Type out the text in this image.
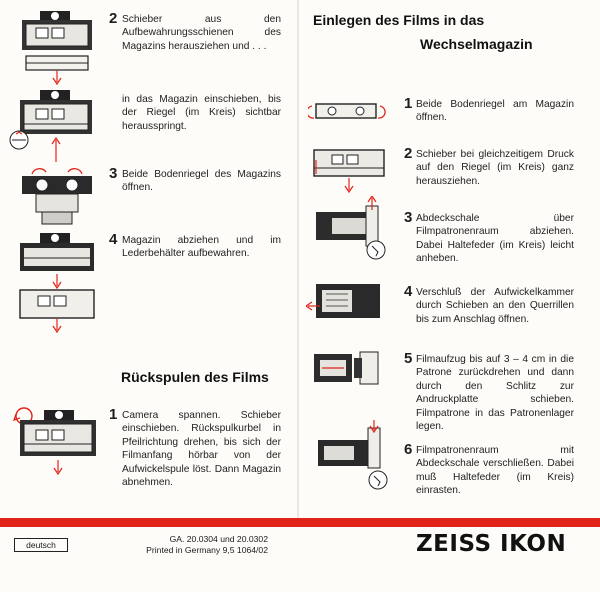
2 Schieber aus den Aufbewahrungsschienen des Magazins herausziehen und . . .
in das Magazin einschieben, bis der Riegel (im Kreis) sichtbar herausspringt.
3 Beide Bodenriegel des Magazins öffnen.
4 Magazin abziehen und im Lederbehälter aufbewahren.
Rückspulen des Films
1 Camera spannen. Schieber einschieben. Rückspulkurbel in Pfeilrichtung drehen, bis sich der Filmanfang hörbar von der Aufwickelspule löst. Dann Magazin abnehmen.
Einlegen des Films in das
Wechselmagazin
1 Beide Bodenriegel am Magazin öffnen.
2 Schieber bei gleichzeitigem Druck auf den Riegel (im Kreis) ganz herausziehen.
3 Abdeckschale über Filmpatronenraum abziehen. Dabei Haltefeder (im Kreis) leicht anheben.
4 Verschluß der Aufwickelkammer durch Schieben an den Querrillen bis zum Anschlag öffnen.
5 Filmaufzug bis auf 3 – 4 cm in die Patrone zurückdrehen und dann durch den Schlitz zur Andruckplatte schieben. Filmpatrone in das Patronenlager legen.
6 Filmpatronenraum mit Abdeckschale verschließen. Dabei muß Haltefeder (im Kreis) einrasten.
deutsch
GA. 20.0304 und 20.0302
Printed in Germany 9,5 1064/02	ZEISS IKON
